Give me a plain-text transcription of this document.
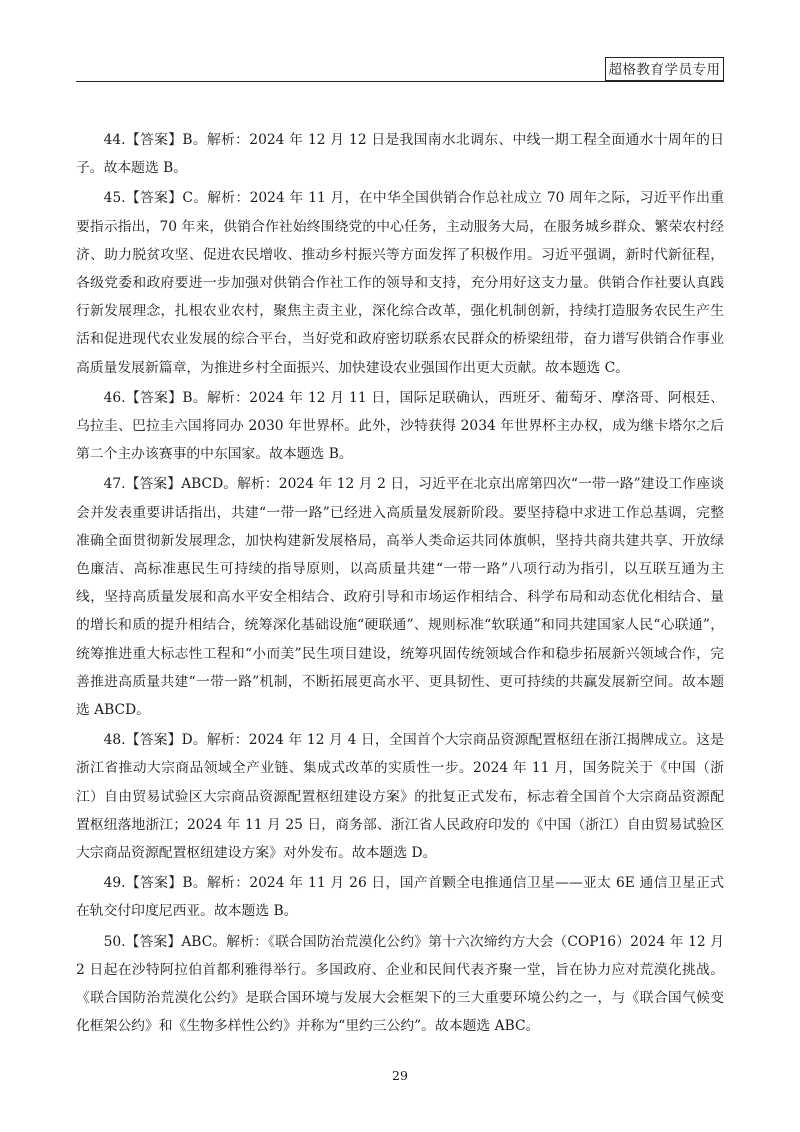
超格教育学员专用

44.【答案】B。解析：2024 年 12 月 12 日是我国南水北调东、中线一期工程全面通水十周年的日子。故本题选 B。

45.【答案】C。解析：2024 年 11 月，在中华全国供销合作总社成立 70 周年之际，习近平作出重要指示指出，70 年来，供销合作社始终围绕党的中心任务，主动服务大局，在服务城乡群众、繁荣农村经济、助力脱贫攻坚、促进农民增收、推动乡村振兴等方面发挥了积极作用。习近平强调，新时代新征程，各级党委和政府要进一步加强对供销合作社工作的领导和支持，充分用好这支力量。供销合作社要认真践行新发展理念，扎根农业农村，聚焦主责主业，深化综合改革，强化机制创新，持续打造服务农民生产生活和促进现代农业发展的综合平台，当好党和政府密切联系农民群众的桥梁纽带，奋力谱写供销合作事业高质量发展新篇章，为推进乡村全面振兴、加快建设农业强国作出更大贡献。故本题选 C。

46.【答案】B。解析：2024 年 12 月 11 日，国际足联确认，西班牙、葡萄牙、摩洛哥、阿根廷、乌拉圭、巴拉圭六国将同办 2030 年世界杯。此外，沙特获得 2034 年世界杯主办权，成为继卡塔尔之后第二个主办该赛事的中东国家。故本题选 B。

47.【答案】ABCD。解析：2024 年 12 月 2 日，习近平在北京出席第四次“一带一路”建设工作座谈会并发表重要讲话指出，共建“一带一路”已经进入高质量发展新阶段。要坚持稳中求进工作总基调，完整准确全面贯彻新发展理念，加快构建新发展格局，高举人类命运共同体旗帜，坚持共商共建共享、开放绿色廉洁、高标准惠民生可持续的指导原则，以高质量共建“一带一路”八项行动为指引，以互联互通为主线，坚持高质量发展和高水平安全相结合、政府引导和市场运作相结合、科学布局和动态优化相结合、量的增长和质的提升相结合，统筹深化基础设施“硬联通”、规则标准“软联通”和同共建国家人民“心联通”，统筹推进重大标志性工程和“小而美”民生项目建设，统筹巩固传统领域合作和稳步拓展新兴领域合作，完善推进高质量共建“一带一路”机制，不断拓展更高水平、更具韧性、更可持续的共赢发展新空间。故本题选 ABCD。

48.【答案】D。解析：2024 年 12 月 4 日，全国首个大宗商品资源配置枢纽在浙江揭牌成立。这是浙江省推动大宗商品领域全产业链、集成式改革的实质性一步。2024 年 11 月，国务院关于《中国（浙江）自由贸易试验区大宗商品资源配置枢纽建设方案》的批复正式发布，标志着全国首个大宗商品资源配置枢纽落地浙江；2024 年 11 月 25 日，商务部、浙江省人民政府印发的《中国（浙江）自由贸易试验区大宗商品资源配置枢纽建设方案》对外发布。故本题选 D。

49.【答案】B。解析：2024 年 11 月 26 日，国产首颗全电推通信卫星——亚太 6E 通信卫星正式在轨交付印度尼西亚。故本题选 B。

50.【答案】ABC。解析：《联合国防治荒漠化公约》第十六次缔约方大会（COP16）2024 年 12 月 2 日起在沙特阿拉伯首都利雅得举行。多国政府、企业和民间代表齐聚一堂，旨在协力应对荒漠化挑战。《联合国防治荒漠化公约》是联合国环境与发展大会框架下的三大重要环境公约之一，与《联合国气候变化框架公约》和《生物多样性公约》并称为“里约三公约”。故本题选 ABC。

29
